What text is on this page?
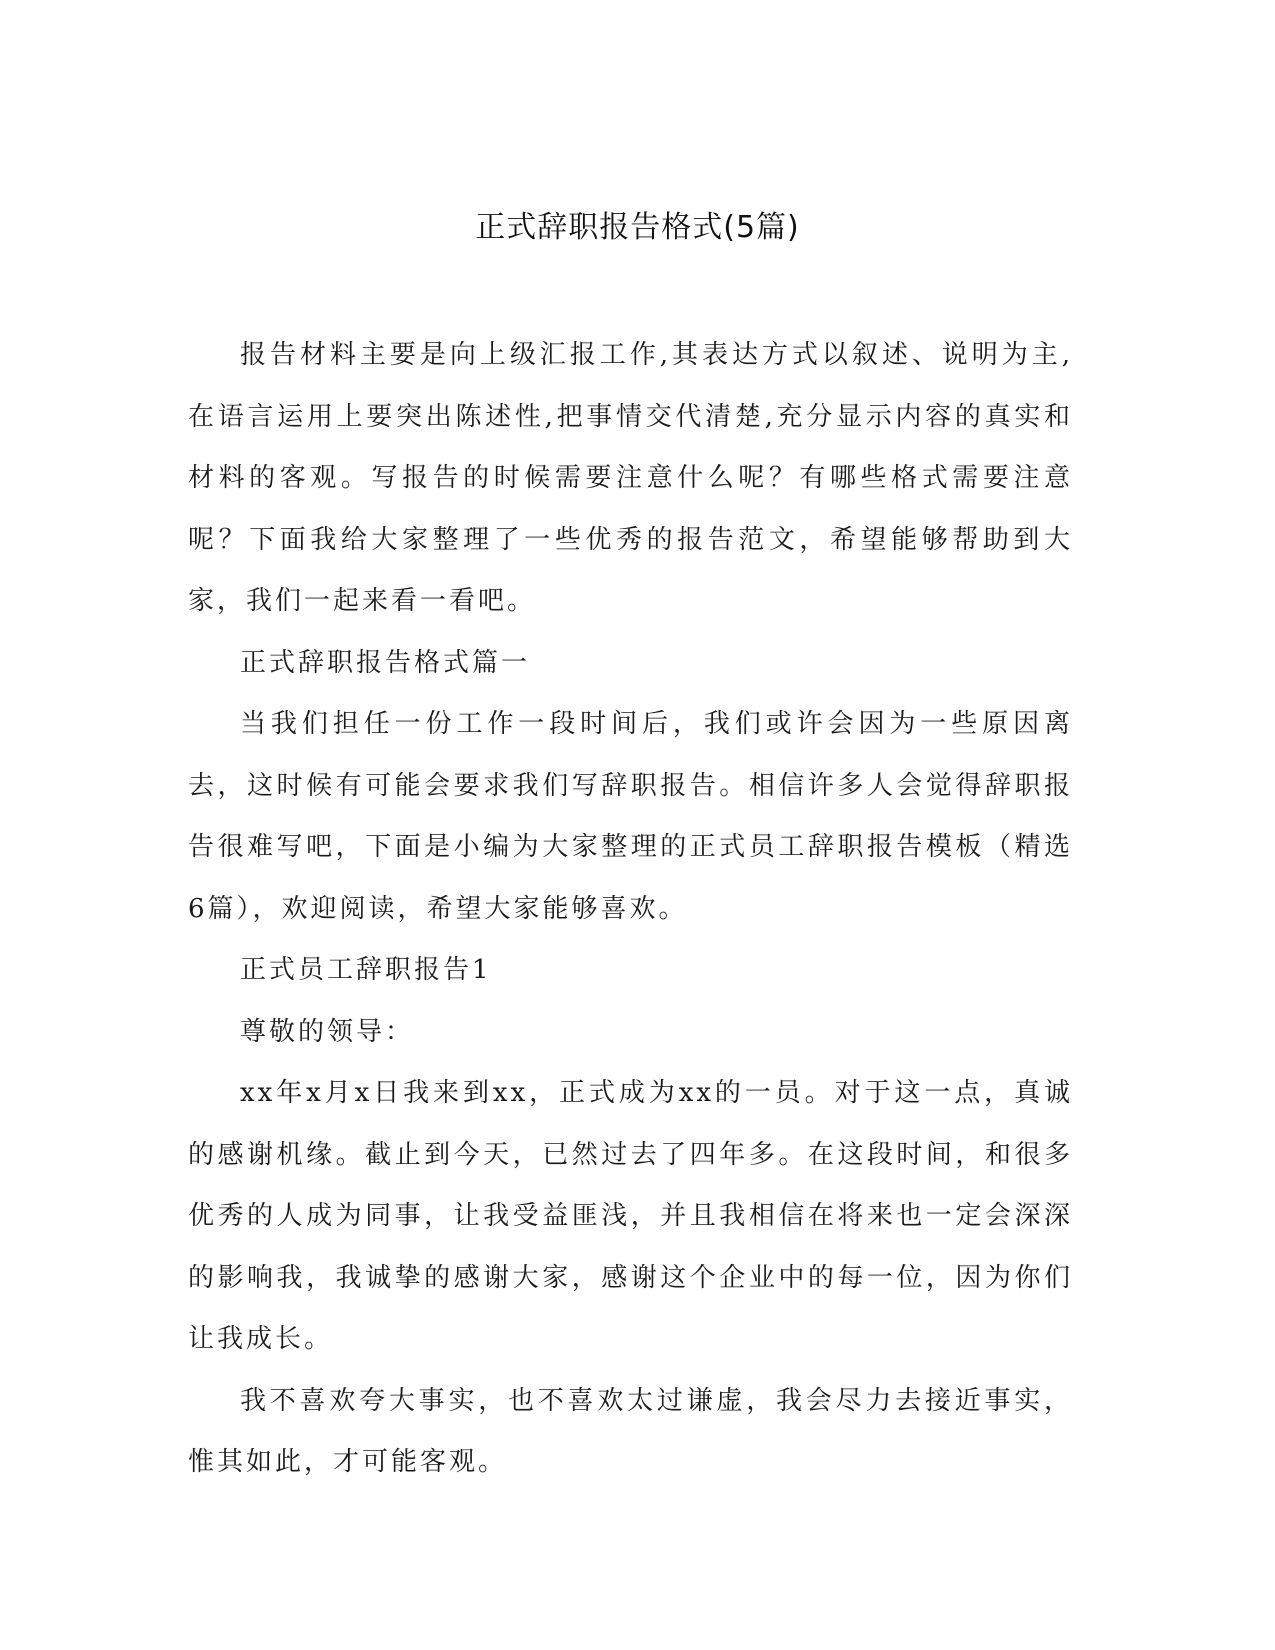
正式辞职报告格式(5篇)

报告材料主要是向上级汇报工作,其表达方式以叙述、说明为主,在语言运用上要突出陈述性,把事情交代清楚,充分显示内容的真实和材料的客观。写报告的时候需要注意什么呢？有哪些格式需要注意呢？下面我给大家整理了一些优秀的报告范文，希望能够帮助到大家，我们一起来看一看吧。

正式辞职报告格式篇一

当我们担任一份工作一段时间后，我们或许会因为一些原因离去，这时候有可能会要求我们写辞职报告。相信许多人会觉得辞职报告很难写吧，下面是小编为大家整理的正式员工辞职报告模板（精选6篇），欢迎阅读，希望大家能够喜欢。

正式员工辞职报告1

尊敬的领导：

xx年x月x日我来到xx，正式成为xx的一员。对于这一点，真诚的感谢机缘。截止到今天，已然过去了四年多。在这段时间，和很多优秀的人成为同事，让我受益匪浅，并且我相信在将来也一定会深深的影响我，我诚挚的感谢大家，感谢这个企业中的每一位，因为你们让我成长。

我不喜欢夸大事实，也不喜欢太过谦虚，我会尽力去接近事实，惟其如此，才可能客观。
